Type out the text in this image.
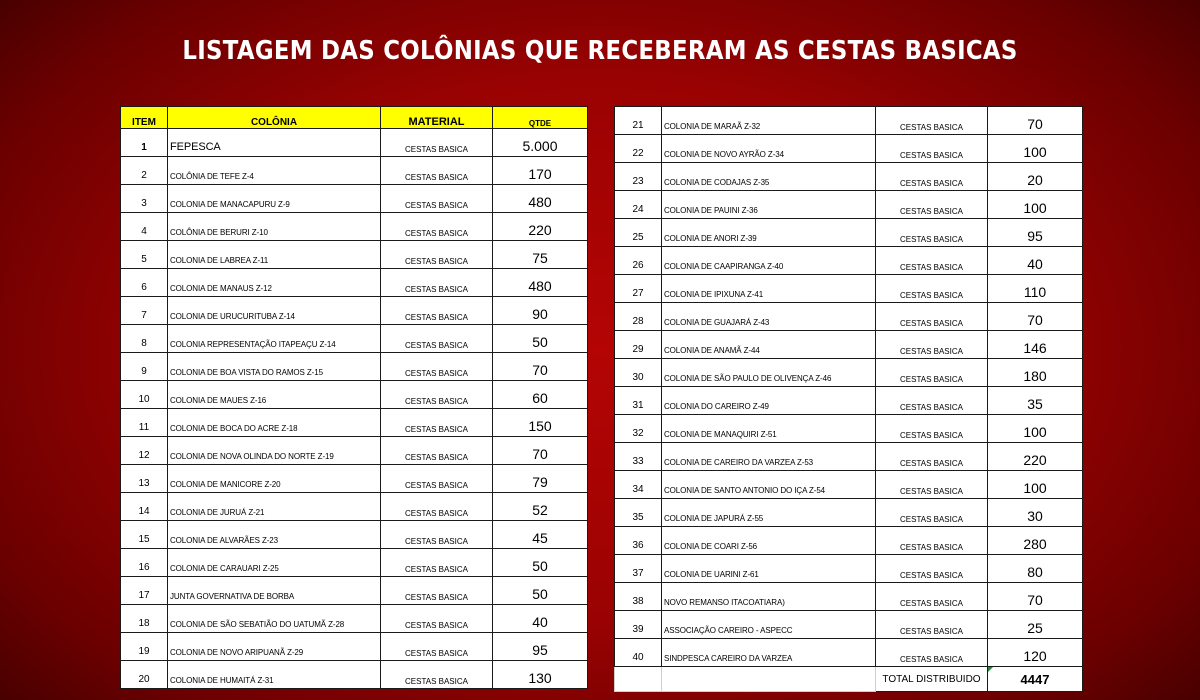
LISTAGEM DAS COLÔNIAS QUE RECEBERAM AS CESTAS BASICAS
ITEM	COLÔNIA	MATERIAL	QTDE
1	FEPESCA	CESTAS BASICA	5.000
2	COLÔNIA DE TEFE Z-4	CESTAS BASICA	170
3	COLONIA DE MANACAPURU Z-9	CESTAS BASICA	480
4	COLÔNIA DE BERURI Z-10	CESTAS BASICA	220
5	COLONIA DE LABREA Z-11	CESTAS BASICA	75
6	COLONIA DE MANAUS Z-12	CESTAS BASICA	480
7	COLONIA DE URUCURITUBA Z-14	CESTAS BASICA	90
8	COLONIA REPRESENTAÇÃO ITAPEAÇU Z-14	CESTAS BASICA	50
9	COLONIA DE BOA VISTA DO RAMOS Z-15	CESTAS BASICA	70
10	COLONIA DE MAUES Z-16	CESTAS BASICA	60
11	COLONIA DE BOCA DO ACRE Z-18	CESTAS BASICA	150
12	COLONIA DE NOVA OLINDA DO NORTE Z-19	CESTAS BASICA	70
13	COLONIA DE MANICORE Z-20	CESTAS BASICA	79
14	COLONIA DE JURUÁ Z-21	CESTAS BASICA	52
15	COLONIA DE ALVARÃES Z-23	CESTAS BASICA	45
16	COLONIA DE CARAUARI Z-25	CESTAS BASICA	50
17	JUNTA GOVERNATIVA DE BORBA	CESTAS BASICA	50
18	COLONIA DE SÃO SEBATIÃO DO UATUMÃ Z-28	CESTAS BASICA	40
19	COLONIA DE NOVO ARIPUANÃ Z-29	CESTAS BASICA	95
20	COLONIA DE HUMAITÁ Z-31	CESTAS BASICA	130
21	COLONIA DE MARAÃ Z-32	CESTAS BASICA	70
22	COLONIA DE NOVO AYRÃO Z-34	CESTAS BASICA	100
23	COLONIA DE CODAJAS Z-35	CESTAS BASICA	20
24	COLONIA DE PAUINI Z-36	CESTAS BASICA	100
25	COLONIA DE ANORI Z-39	CESTAS BASICA	95
26	COLONIA DE CAAPIRANGA Z-40	CESTAS BASICA	40
27	COLONIA DE IPIXUNA Z-41	CESTAS BASICA	110
28	COLONIA DE GUAJARÁ Z-43	CESTAS BASICA	70
29	COLONIA DE ANAMÃ Z-44	CESTAS BASICA	146
30	COLONIA DE SÃO PAULO DE OLIVENÇA Z-46	CESTAS BASICA	180
31	COLONIA DO CAREIRO Z-49	CESTAS BASICA	35
32	COLONIA DE MANAQUIRI Z-51	CESTAS BASICA	100
33	COLONIA DE CAREIRO DA VARZEA Z-53	CESTAS BASICA	220
34	COLONIA DE SANTO ANTONIO DO IÇA Z-54	CESTAS BASICA	100
35	COLONIA DE JAPURÁ Z-55	CESTAS BASICA	30
36	COLONIA DE COARI Z-56	CESTAS BASICA	280
37	COLONIA DE UARINI Z-61	CESTAS BASICA	80
38	NOVO REMANSO ITACOATIARA)	CESTAS BASICA	70
39	ASSOCIAÇÃO CAREIRO - ASPECC	CESTAS BASICA	25
40	SINDPESCA CAREIRO DA VARZEA	CESTAS BASICA	120
		TOTAL DISTRIBUIDO	4447
